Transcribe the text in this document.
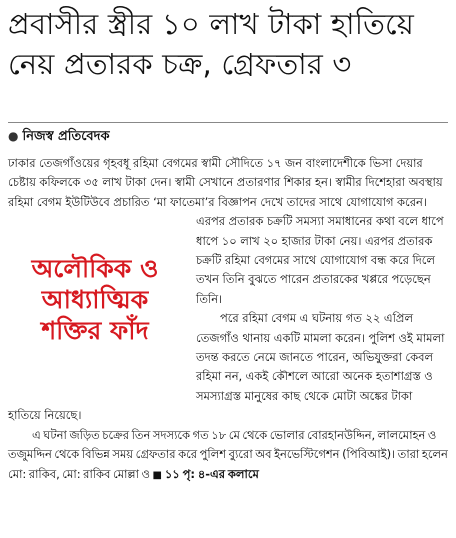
প্রবাসীর স্ত্রীর ১০ লাখ টাকা হাতিয়ে
নেয় প্রতারক চক্র, গ্রেফতার ৩
● নিজস্ব প্রতিবেদক

ঢাকার তেজগাঁওয়ের গৃহবধূ রহিমা বেগমের স্বামী সৌদিতে ১৭ জন বাংলাদেশীকে ভিসা দেয়ার চেষ্টায় কফিলকে ৩৫ লাখ টাকা দেন। স্বামী সেখানে প্রতারণার শিকার হন। স্বামীর দিশেহারা অবস্থায় রহিমা বেগম ইউটিউবে প্রচারিত ‘মা ফাতেমা’র বিজ্ঞাপন দেখে তাদের সাথে যোগাযোগ করেন। এরপর প্রতারক চক্রটি সমস্যা সমাধানের কথা বলে ধাপে ধাপে ১০ লাখ ২০ হাজার টাকা নেয়। এরপর প্রতারক চক্রটি রহিমা বেগমের সাথে যোগাযোগ বন্ধ করে দিলে তখন তিনি বুঝতে পারেন প্রতারকের খপ্পরে পড়েছেন তিনি।

পরে রহিমা বেগম এ ঘটনায় গত ২২ এপ্রিল তেজগাঁও থানায় একটি মামলা করেন। পুলিশ ওই মামলা তদন্ত করতে নেমে জানতে পারেন, অভিযুক্তরা কেবল রহিমা নন, একই কৌশলে আরো অনেক হতাশাগ্রস্ত ও সমস্যাগ্রস্ত মানুষের কাছ থেকে মোটা অঙ্কের টাকা হাতিয়ে নিয়েছে।

এ ঘটনা জড়িত চক্রের তিন সদস্যকে গত ১৮ মে থেকে ভোলার বোরহানউদ্দিন, লালমোহন ও তজুমদ্দিন থেকে বিভিন্ন সময় গ্রেফতার করে পুলিশ ব্যুরো অব ইনভেস্টিগেশন (পিবিআই)। তারা হলেন মো: রাকিব, মো: রাকিব মোল্লা ও ■ ১১ পৃ: ৪-এর কলামে

অলৌকিক ও
আধ্যাত্মিক
শক্তির ফাঁদ
